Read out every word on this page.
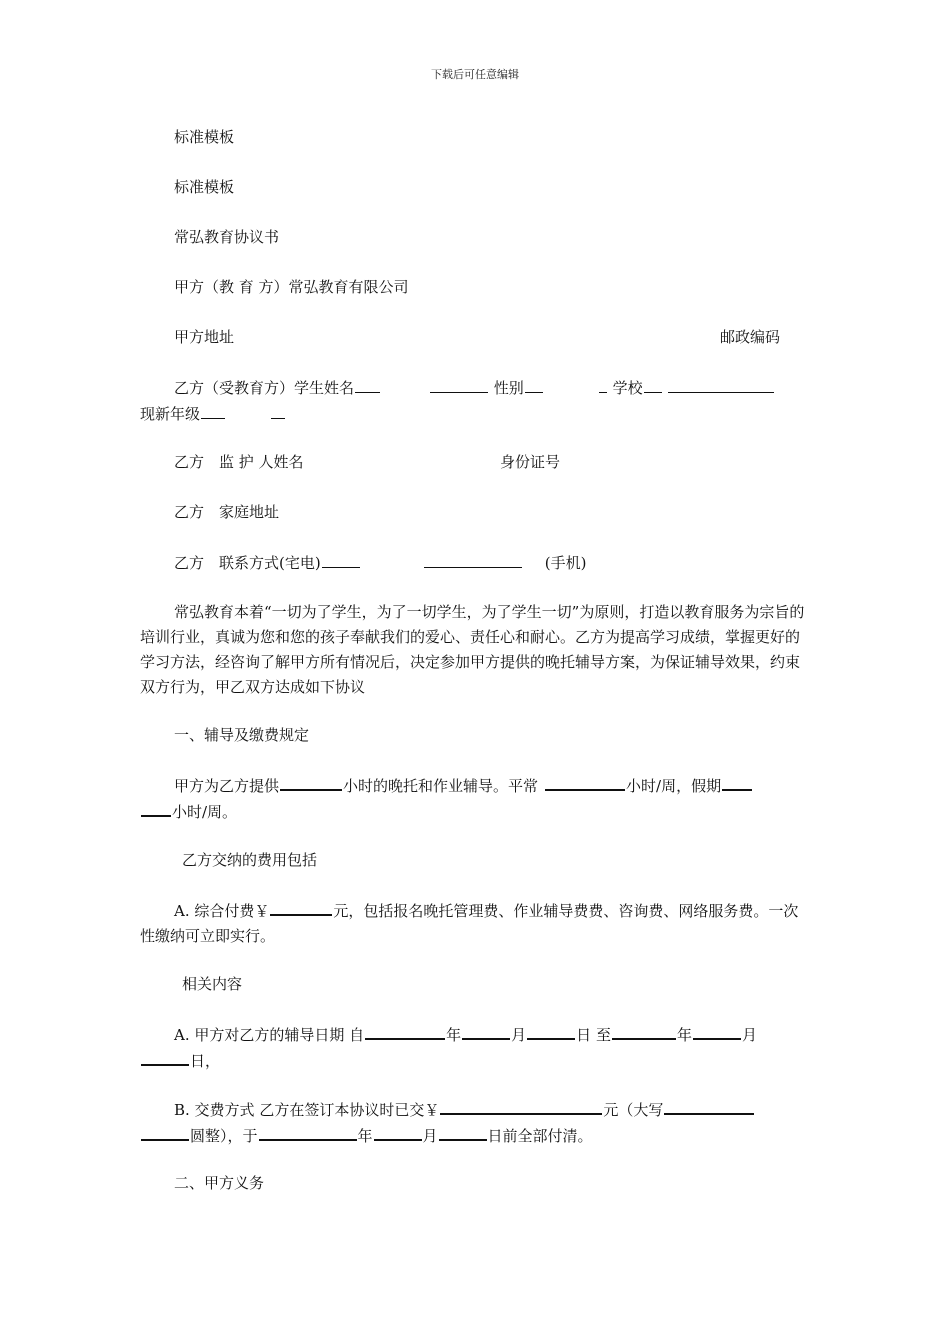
下载后可任意编辑
标准模板
标准模板
常弘教育协议书
甲方（教 育 方）常弘教育有限公司
甲方地址	邮政编码
乙方（受教育方）学生姓名	性别	学校
现新年级
乙方　监 护 人姓名	身份证号
乙方　家庭地址
乙方　联系方式(宅电)	(手机)
常弘教育本着“一切为了学生，为了一切学生，为了学生一切”为原则，打造以教育服务为宗旨的培训行业，真诚为您和您的孩子奉献我们的爱心、责任心和耐心。乙方为提高学习成绩，掌握更好的学习方法，经咨询了解甲方所有情况后，决定参加甲方提供的晚托辅导方案，为保证辅导效果，约束双方行为，甲乙双方达成如下协议
一、辅导及缴费规定
甲方为乙方提供	小时的晚托和作业辅导。平常	小时/周，假期
小时/周。
乙方交纳的费用包括
A. 综合付费￥	元，包括报名晚托管理费、作业辅导费费、咨询费、网络服务费。一次性缴纳可立即实行。
相关内容
A. 甲方对乙方的辅导日期 自	年	月	日 至	年	月
日，
B. 交费方式 乙方在签订本协议时已交￥	元（大写
圆整），于	年	月	日前全部付清。
二、甲方义务
